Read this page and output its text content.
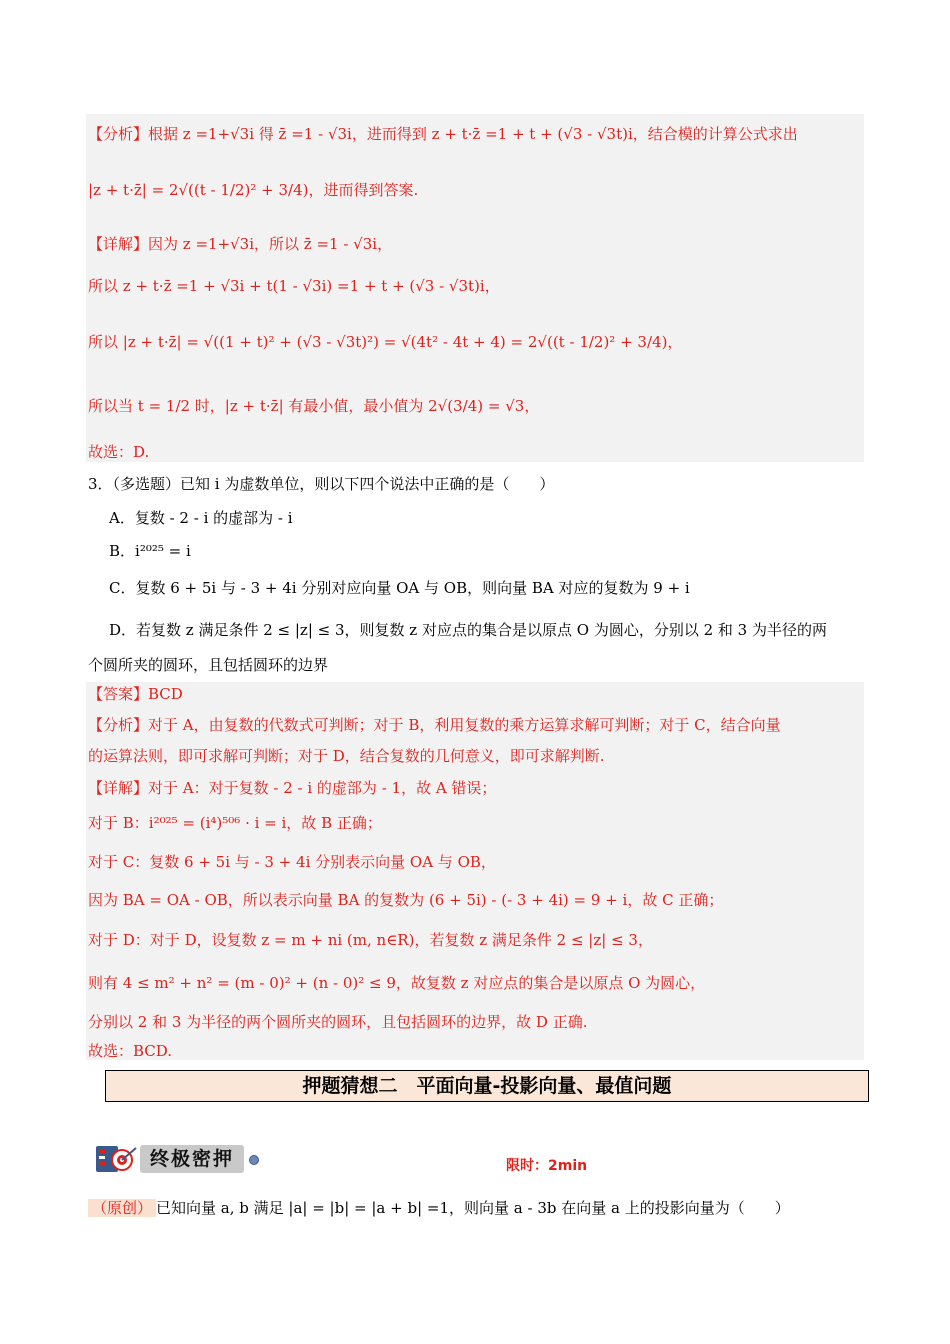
【分析】根据 z =1+√3i 得 z̄ =1 - √3i，进而得到 z + t·z̄ =1 + t + (√3 - √3t)i，结合模的计算公式求出
|z + t·z̄| = 2√((t - 1/2)² + 3/4)，进而得到答案.
【详解】因为 z =1+√3i，所以 z̄ =1 - √3i，
所以 z + t·z̄ =1 + √3i + t(1 - √3i) =1 + t + (√3 - √3t)i，
所以 |z + t·z̄| = √((1 + t)² + (√3 - √3t)²) = √(4t² - 4t + 4) = 2√((t - 1/2)² + 3/4)，
所以当 t = 1/2 时，|z + t·z̄| 有最小值，最小值为 2√(3/4) = √3，
故选：D.
3．（多选题）已知 i 为虚数单位，则以下四个说法中正确的是（　　）
A．复数 - 2 - i 的虚部为 - i
B．i²⁰²⁵ = i
C．复数 6 + 5i 与 - 3 + 4i 分别对应向量 OA 与 OB，则向量 BA 对应的复数为 9 + i
D．若复数 z 满足条件 2 ≤ |z| ≤ 3，则复数 z 对应点的集合是以原点 O 为圆心，分别以 2 和 3 为半径的两
个圆所夹的圆环，且包括圆环的边界
【答案】BCD
【分析】对于 A，由复数的代数式可判断；对于 B，利用复数的乘方运算求解可判断；对于 C，结合向量
的运算法则，即可求解可判断；对于 D，结合复数的几何意义，即可求解判断.
【详解】对于 A：对于复数 - 2 - i 的虚部为 - 1，故 A 错误；
对于 B：i²⁰²⁵ = (i⁴)⁵⁰⁶ · i = i，故 B 正确；
对于 C：复数 6 + 5i 与 - 3 + 4i 分别表示向量 OA 与 OB，
因为 BA = OA - OB，所以表示向量 BA 的复数为 (6 + 5i) - (- 3 + 4i) = 9 + i，故 C 正确；
对于 D：对于 D，设复数 z = m + ni (m, n∈R)，若复数 z 满足条件 2 ≤ |z| ≤ 3，
则有 4 ≤ m² + n² = (m - 0)² + (n - 0)² ≤ 9，故复数 z 对应点的集合是以原点 O 为圆心，
分别以 2 和 3 为半径的两个圆所夹的圆环，且包括圆环的边界，故 D 正确.
故选：BCD.
押题猜想二　平面向量-投影向量、最值问题
终极密押	限时：2min
（原创） 已知向量 a, b 满足 |a| = |b| = |a + b| =1，则向量 a - 3b 在向量 a 上的投影向量为（　　）
